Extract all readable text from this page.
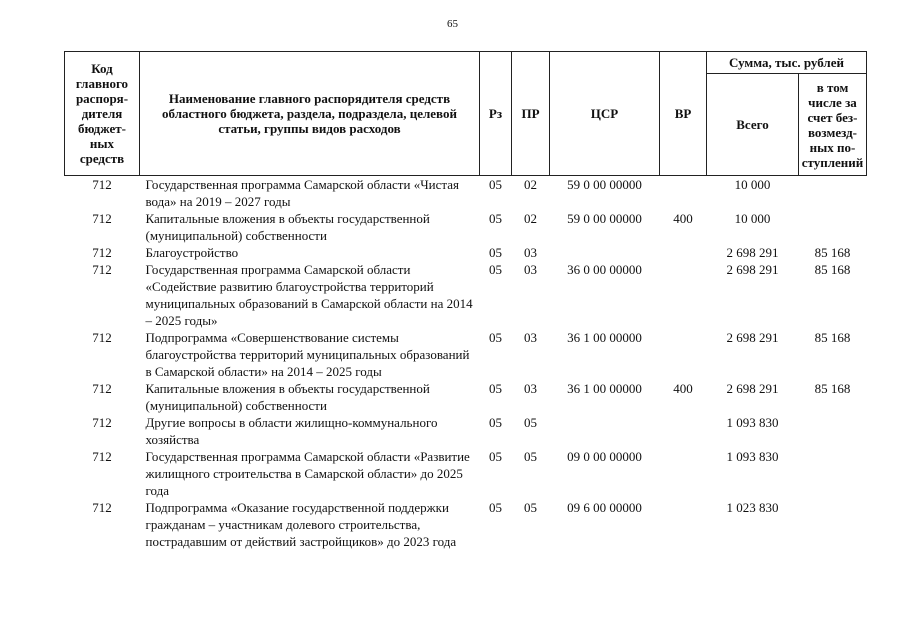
65
Код главного распоря-дителя бюджет-ных средств	Наименование главного распорядителя средств областного бюджета, раздела, подраздела, целевой статьи, группы видов расходов	Рз	ПР	ЦСР	ВР	Сумма, тыс. рублей	
						Всего	в том числе за счет без-возмезд-ных по-ступлений
712	Государственная программа Самарской области «Чистая вода» на 2019 – 2027 годы	05	02	59 0 00 00000		10 000	
712	Капитальные вложения в объекты государственной (муниципальной) собственности	05	02	59 0 00 00000	400	10 000	
712	Благоустройство	05	03			2 698 291	85 168
712	Государственная программа Самарской области «Содействие развитию благоустройства территорий муниципальных образований в Самарской области на 2014 – 2025 годы»	05	03	36 0 00 00000		2 698 291	85 168
712	Подпрограмма «Совершенствование системы благоустройства территорий муниципальных образований в Самарской области» на 2014 – 2025 годы	05	03	36 1 00 00000		2 698 291	85 168
712	Капитальные вложения в объекты государственной (муниципальной) собственности	05	03	36 1 00 00000	400	2 698 291	85 168
712	Другие вопросы в области жилищно-коммунального хозяйства	05	05			1 093 830	
712	Государственная программа Самарской области «Развитие жилищного строительства в Самарской области» до 2025 года	05	05	09 0 00 00000		1 093 830	
712	Подпрограмма «Оказание государственной поддержки гражданам – участникам долевого строительства, пострадавшим от действий застройщиков» до 2023 года	05	05	09 6 00 00000		1 023 830	
